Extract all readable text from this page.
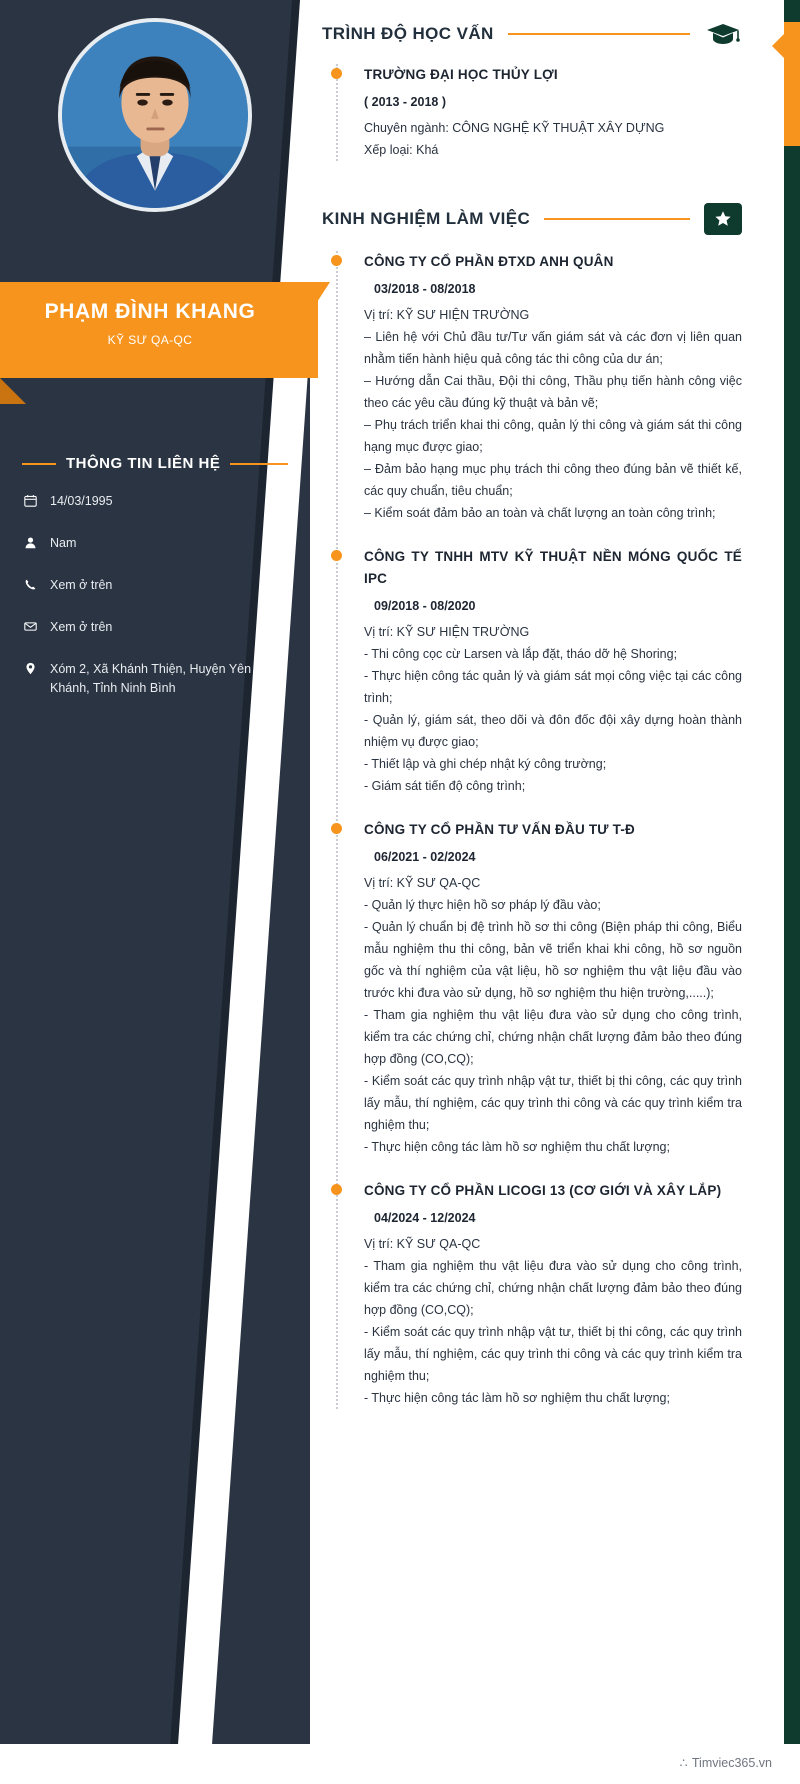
PHẠM ĐÌNH KHANG
KỸ SƯ QA-QC
THÔNG TIN LIÊN HỆ
14/03/1995
Nam
Xem ở trên
Xem ở trên
Xóm 2, Xã Khánh Thiện, Huyện Yên Khánh, Tỉnh Ninh Bình
TRÌNH ĐỘ HỌC VẤN
TRƯỜNG ĐẠI HỌC THỦY LỢI
( 2013 - 2018 )
Chuyên ngành: CÔNG NGHỆ KỸ THUẬT XÂY DỰNG
Xếp loại: Khá
KINH NGHIỆM LÀM VIỆC
CÔNG TY CỔ PHẦN ĐTXD ANH QUÂN
03/2018 - 08/2018
Vị trí: KỸ SƯ HIỆN TRƯỜNG
– Liên hệ với Chủ đầu tư/Tư vấn giám sát và các đơn vị liên quan nhằm tiến hành hiệu quả công tác thi công của dư án;
– Hướng dẫn Cai thầu, Đội thi công, Thầu phụ tiến hành công việc theo các yêu cầu đúng kỹ thuật và bản vẽ;
– Phụ trách triển khai thi công, quản lý thi công và giám sát thi công hạng mục được giao;
– Đảm bảo hạng mục phụ trách thi công theo đúng bản vẽ thiết kế, các quy chuẩn, tiêu chuẩn;
– Kiểm soát đảm bảo an toàn và chất lượng an toàn công trình;
CÔNG TY TNHH MTV KỸ THUẬT NỀN MÓNG QUỐC TẾ IPC
09/2018 - 08/2020
Vị trí: KỸ SƯ HIỆN TRƯỜNG
- Thi công cọc cừ Larsen và lắp đặt, tháo dỡ hệ Shoring;
- Thực hiện công tác quản lý và giám sát mọi công việc tại các công trình;
- Quản lý, giám sát, theo dõi và đôn đốc đội xây dựng hoàn thành nhiệm vụ được giao;
- Thiết lập và ghi chép nhật ký công trường;
- Giám sát tiến độ công trình;
CÔNG TY CỔ PHẦN TƯ VẤN ĐẦU TƯ T-Đ
06/2021 - 02/2024
Vị trí: KỸ SƯ QA-QC
- Quản lý thực hiện hồ sơ pháp lý đầu vào;
- Quản lý chuẩn bị đệ trình hồ sơ thi công (Biện pháp thi công, Biểu mẫu nghiệm thu thi công, bản vẽ triển khai khi công, hồ sơ nguồn gốc và thí nghiệm của vật liệu, hồ sơ nghiệm thu vật liệu đầu vào trước khi đưa vào sử dụng, hồ sơ nghiệm thu hiện trường,.....);
- Tham gia nghiệm thu vật liệu đưa vào sử dụng cho công trình, kiểm tra các chứng chỉ, chứng nhận chất lượng đảm bảo theo đúng hợp đồng (CO,CQ);
- Kiểm soát các quy trình nhập vật tư, thiết bị thi công, các quy trình lấy mẫu, thí nghiệm, các quy trình thi công và các quy trình kiểm tra nghiệm thu;
- Thực hiện công tác làm hồ sơ nghiệm thu chất lượng;
CÔNG TY CỔ PHẦN LICOGI 13 (CƠ GIỚI VÀ XÂY LẮP)
04/2024 - 12/2024
Vị trí: KỸ SƯ QA-QC
- Tham gia nghiệm thu vật liệu đưa vào sử dụng cho công trình, kiểm tra các chứng chỉ, chứng nhận chất lượng đảm bảo theo đúng hợp đồng (CO,CQ);
- Kiểm soát các quy trình nhập vật tư, thiết bị thi công, các quy trình lấy mẫu, thí nghiệm, các quy trình thi công và các quy trình kiểm tra nghiệm thu;
- Thực hiện công tác làm hồ sơ nghiệm thu chất lượng;
∴ Timviec365.vn
